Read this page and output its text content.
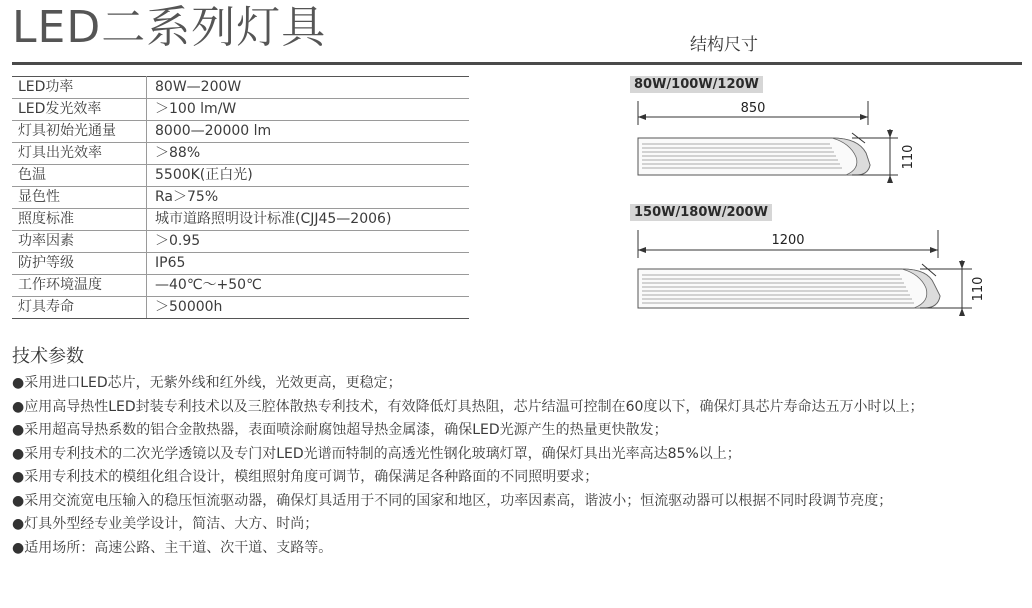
LED二系列灯具	结构尺寸
LED功率	80W—200W
LED发光效率	＞100 lm/W
灯具初始光通量	8000—20000 lm
灯具出光效率	＞88%
色温	5500K(正白光)
显色性	Ra＞75%
照度标准	城市道路照明设计标准(CJJ45—2006)
功率因素	＞0.95
防护等级	IP65
工作环境温度	—40℃～+50℃
灯具寿命	＞50000h
80W/100W/120W
850
110
150W/180W/200W
1200
110
技术参数

●采用进口LED芯片，无紫外线和红外线，光效更高，更稳定；

●应用高导热性LED封装专利技术以及三腔体散热专利技术，有效降低灯具热阻，芯片结温可控制在60度以下，确保灯具芯片寿命达五万小时以上；

●采用超高导热系数的铝合金散热器，表面喷涂耐腐蚀超导热金属漆，确保LED光源产生的热量更快散发；

●采用专利技术的二次光学透镜以及专门对LED光谱而特制的高透光性钢化玻璃灯罩，确保灯具出光率高达85%以上；

●采用专利技术的模组化组合设计，模组照射角度可调节，确保满足各种路面的不同照明要求；

●采用交流宽电压输入的稳压恒流驱动器，确保灯具适用于不同的国家和地区，功率因素高，谐波小；恒流驱动器可以根据不同时段调节亮度；

●灯具外型经专业美学设计，简洁、大方、时尚；

●适用场所：高速公路、主干道、次干道、支路等。
